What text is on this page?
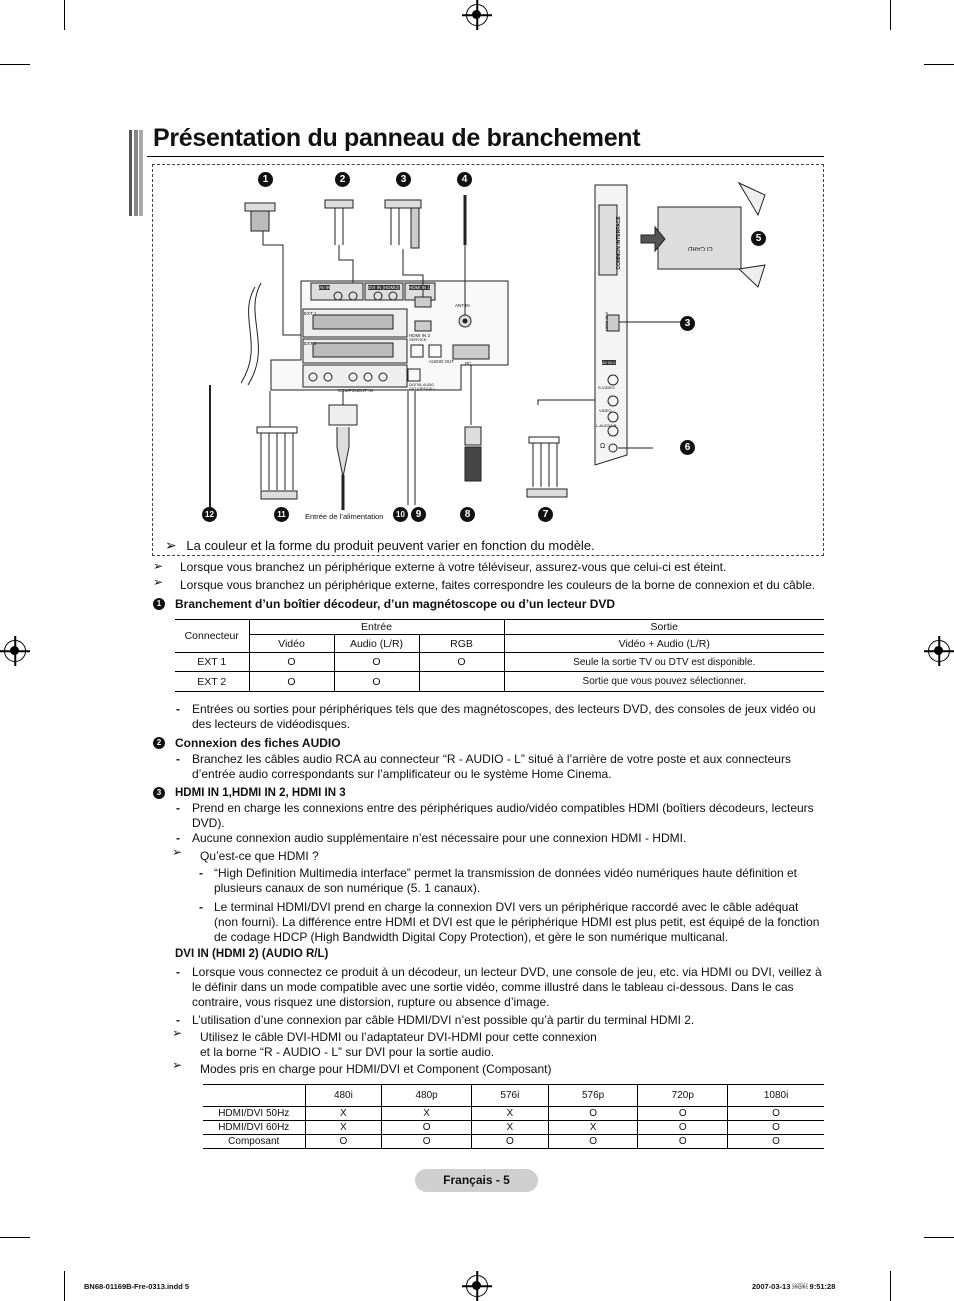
Présentation du panneau de branchement
1	2	3	4
5
3
6
7
8
9
10
11
12	Entrée de l’alimentation
COMMON INTERFACE	CI CARD
AV IN	DVI IN (HDMI2)
ANT IN
HDMI IN 1
HDMI IN 2
PC
EXT 1
EXT 2
COMPONENT IN
AUDIO OUT
SERVICE
DIGITAL AUDIO OUT (OPTICAL)
HDMI IN 3
AV IN 2
S-VIDEO
VIDEO
L-AUDIO-R
Ω
➢ La couleur et la forme du produit peuvent varier en fonction du modèle.
➢ Lorsque vous branchez un périphérique externe à votre téléviseur, assurez-vous que celui-ci est éteint.
➢ Lorsque vous branchez un périphérique externe, faites correspondre les couleurs de la borne de connexion et du câble.
1	Branchement d’un boîtier décodeur, d’un magnétoscope ou d’un lecteur DVD
Connecteur	Entrée			Sortie
	Vidéo	Audio (L/R)	RGB	Vidéo + Audio (L/R)
EXT 1	O	O	O	Seule la sortie TV ou DTV est disponible.
EXT 2	O	O		Sortie que vous pouvez sélectionner.
- Entrées ou sorties pour périphériques tels que des magnétoscopes, des lecteurs DVD, des consoles de jeux vidéo ou des lecteurs de vidéodisques.
2	Connexion des fiches AUDIO
- Branchez les câbles audio RCA au connecteur “R - AUDIO - L” situé à l’arrière de votre poste et aux connecteurs d’entrée audio correspondants sur l’amplificateur ou le système Home Cinema.
3	HDMI IN 1,HDMI IN 2, HDMI IN 3
- Prend en charge les connexions entre des périphériques audio/vidéo compatibles HDMI (boîtiers décodeurs, lecteurs DVD).
- Aucune connexion audio supplémentaire n’est nécessaire pour une connexion HDMI - HDMI.
➢ Qu’est-ce que HDMI ?
- “High Definition Multimedia interface” permet la transmission de données vidéo numériques haute définition et plusieurs canaux de son numérique (5. 1 canaux).
- Le terminal HDMI/DVI prend en charge la connexion DVI vers un périphérique raccordé avec le câble adéquat (non fourni). La différence entre HDMI et DVI est que le périphérique HDMI est plus petit, est équipé de la fonction de codage HDCP (High Bandwidth Digital Copy Protection), et gère le son numérique multicanal.
DVI IN (HDMI 2) (AUDIO R/L)
- Lorsque vous connectez ce produit à un décodeur, un lecteur DVD, une console de jeu, etc. via HDMI ou DVI, veillez à le définir dans un mode compatible avec une sortie vidéo, comme illustré dans le tableau ci-dessous. Dans le cas contraire, vous risquez une distorsion, rupture ou absence d’image.
- L’utilisation d’une connexion par câble HDMI/DVI n’est possible qu’à partir du terminal HDMI 2.
➢ Utilisez le câble DVI-HDMI ou l’adaptateur DVI-HDMI pour cette connexion
et la borne “R - AUDIO - L” sur DVI pour la sortie audio.
➢ Modes pris en charge pour HDMI/DVI et Component (Composant)
	480i	480p	576i	576p	720p	1080i
HDMI/DVI 50Hz	X	X	X	O	O	O
HDMI/DVI 60Hz	X	O	X	X	O	O
Composant	O	O	O	O	O	O
Français - 5
BN68-01169B-Fre-0313.indd 5	2007-03-13 ￼￼ 9:51:28
